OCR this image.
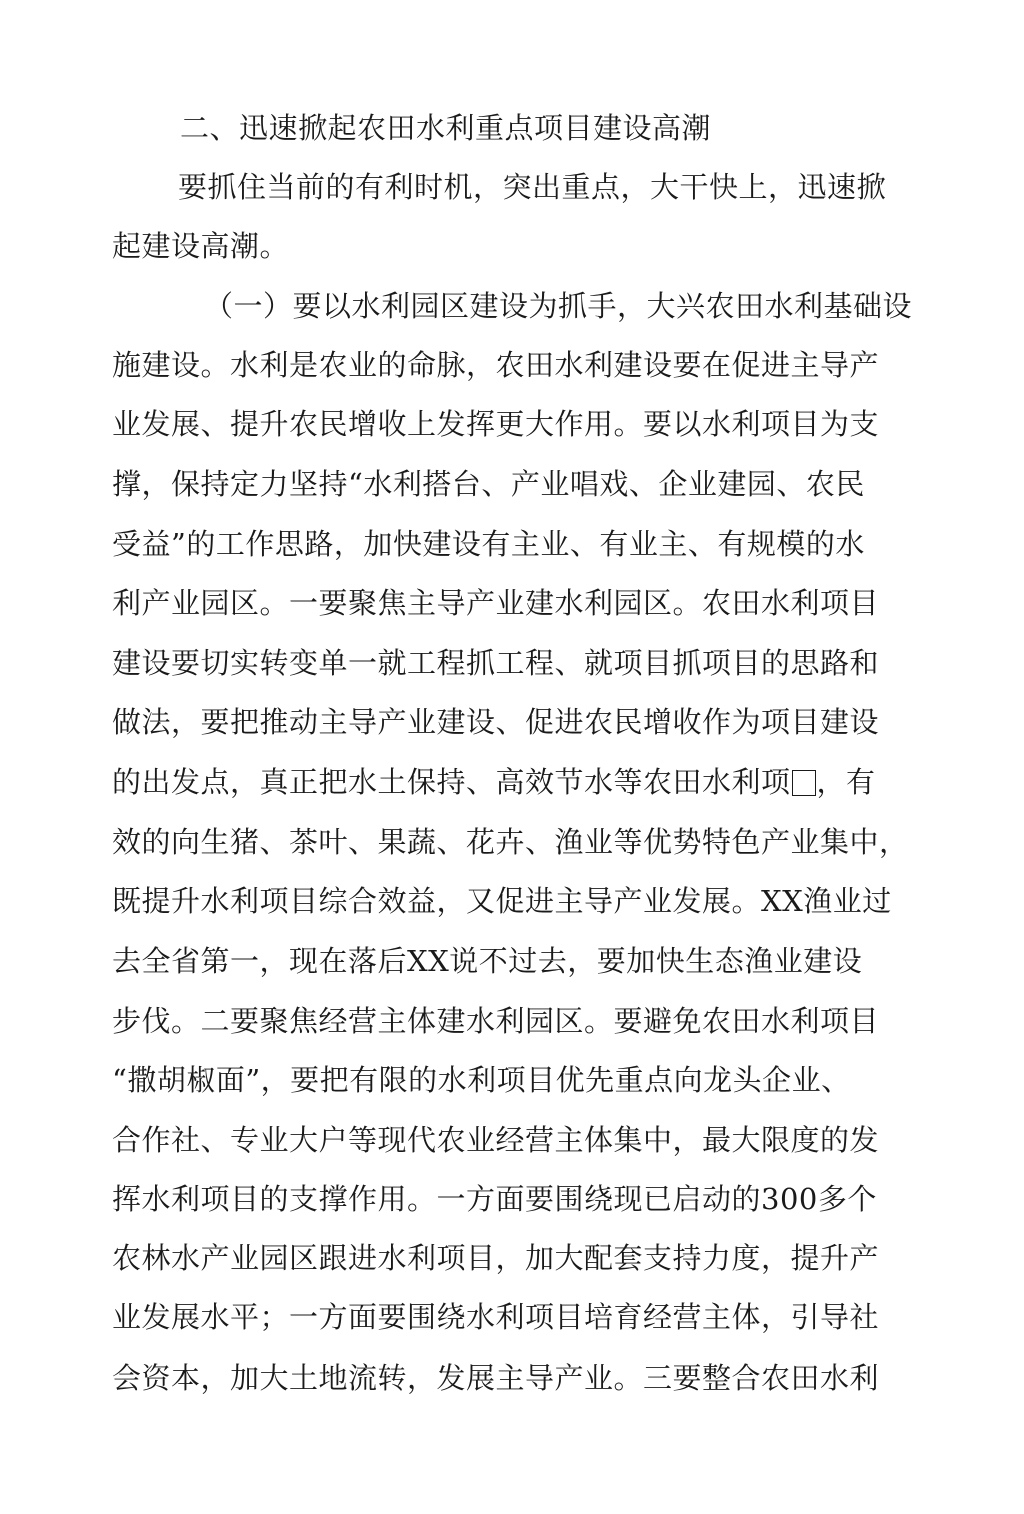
二、迅速掀起农田水利重点项目建设高潮
要抓住当前的有利时机，突出重点，大干快上，迅速掀
起建设高潮。
（一）要以水利园区建设为抓手，大兴农田水利基础设
施建设。水利是农业的命脉，农田水利建设要在促进主导产
业发展、提升农民增收上发挥更大作用。要以水利项目为支
撑，保持定力坚持“水利搭台、产业唱戏、企业建园、农民
受益”的工作思路，加快建设有主业、有业主、有规模的水
利产业园区。一要聚焦主导产业建水利园区。农田水利项目
建设要切实转变单一就工程抓工程、就项目抓项目的思路和
做法，要把推动主导产业建设、促进农民增收作为项目建设
的出发点，真正把水土保持、高效节水等农田水利项 ，有
效的向生猪、茶叶、果蔬、花卉、渔业等优势特色产业集中，
既提升水利项目综合效益，又促进主导产业发展。XX渔业过
去全省第一，现在落后XX说不过去，要加快生态渔业建设
步伐。二要聚焦经营主体建水利园区。要避免农田水利项目
“撒胡椒面”，要把有限的水利项目优先重点向龙头企业、
合作社、专业大户等现代农业经营主体集中，最大限度的发
挥水利项目的支撑作用。一方面要围绕现已启动的300多个
农林水产业园区跟进水利项目，加大配套支持力度，提升产
业发展水平；一方面要围绕水利项目培育经营主体，引导社
会资本，加大土地流转，发展主导产业。三要整合农田水利
